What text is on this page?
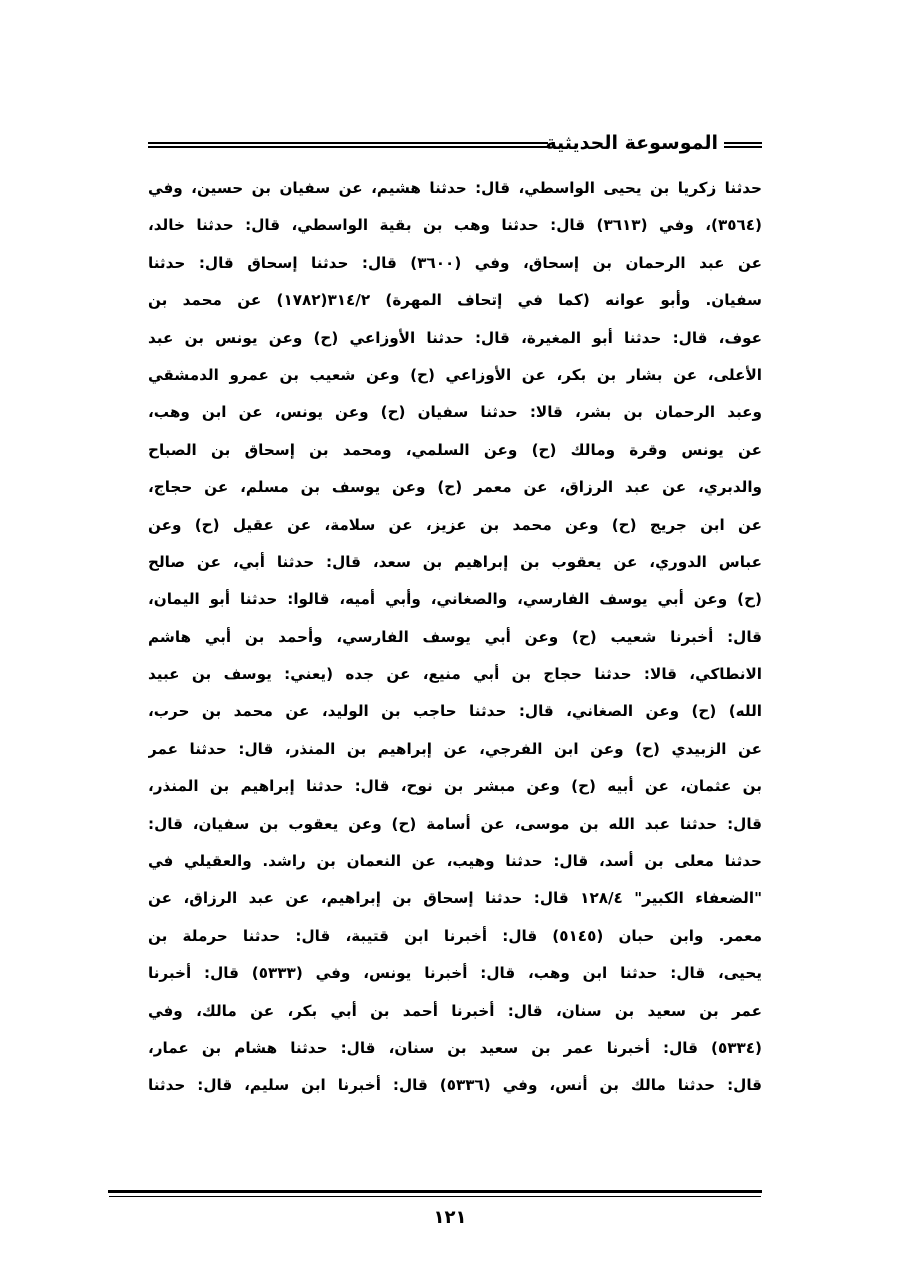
الموسوعة الحديثية
حدثنا زكريا بن يحيى الواسطي، قال: حدثنا هشيم، عن سفيان بن حسين، وفي
(٣٥٦٤)، وفي (٣٦١٣) قال: حدثنا وهب بن بقية الواسطي، قال: حدثنا خالد،
عن عبد الرحمان بن إسحاق، وفي (٣٦٠٠) قال: حدثنا إسحاق قال: حدثنا
سفيان. وأبو عوانه (كما في إتحاف المهرة) ٣١٤/٢(١٧٨٢) عن محمد بن
عوف، قال: حدثنا أبو المغيرة، قال: حدثنا الأوزاعي (ح) وعن يونس بن عبد
الأعلى، عن بشار بن بكر، عن الأوزاعي (ح) وعن شعيب بن عمرو الدمشقي
وعبد الرحمان بن بشر، قالا: حدثنا سفيان (ح) وعن يونس، عن ابن وهب،
عن يونس وقرة ومالك (ح) وعن السلمي، ومحمد بن إسحاق بن الصباح
والدبري، عن عبد الرزاق، عن معمر (ح) وعن يوسف بن مسلم، عن حجاج،
عن ابن جريج (ح) وعن محمد بن عزيز، عن سلامة، عن عقيل (ح) وعن
عباس الدوري، عن يعقوب بن إبراهيم بن سعد، قال: حدثنا أبي، عن صالح
(ح) وعن أبي يوسف الفارسي، والصغاني، وأبي أميه، قالوا: حدثنا أبو اليمان،
قال: أخبرنا شعيب (ح) وعن أبي يوسف الفارسي، وأحمد بن أبي هاشم
الانطاكي، قالا: حدثنا حجاج بن أبي منيع، عن جده (يعني: يوسف بن عبيد
الله) (ح) وعن الصغاني، قال: حدثنا حاجب بن الوليد، عن محمد بن حرب،
عن الزبيدي (ح) وعن ابن الفرجي، عن إبراهيم بن المنذر، قال: حدثنا عمر
بن عثمان، عن أبيه (ح) وعن مبشر بن نوح، قال: حدثنا إبراهيم بن المنذر،
قال: حدثنا عبد الله بن موسى، عن أسامة (ح) وعن يعقوب بن سفيان، قال:
حدثنا معلى بن أسد، قال: حدثنا وهيب، عن النعمان بن راشد. والعقيلي في
"الضعفاء الكبير" ١٢٨/٤ قال: حدثنا إسحاق بن إبراهيم، عن عبد الرزاق، عن
معمر. وابن حبان (٥١٤٥) قال: أخبرنا ابن قتيبة، قال: حدثنا حرملة بن
يحيى، قال: حدثنا ابن وهب، قال: أخبرنا يونس، وفي (٥٣٣٣) قال: أخبرنا
عمر بن سعيد بن سنان، قال: أخبرنا أحمد بن أبي بكر، عن مالك، وفي
(٥٣٣٤) قال: أخبرنا عمر بن سعيد بن سنان، قال: حدثنا هشام بن عمار،
قال: حدثنا مالك بن أنس، وفي (٥٣٣٦) قال: أخبرنا ابن سليم، قال: حدثنا
١٢١
